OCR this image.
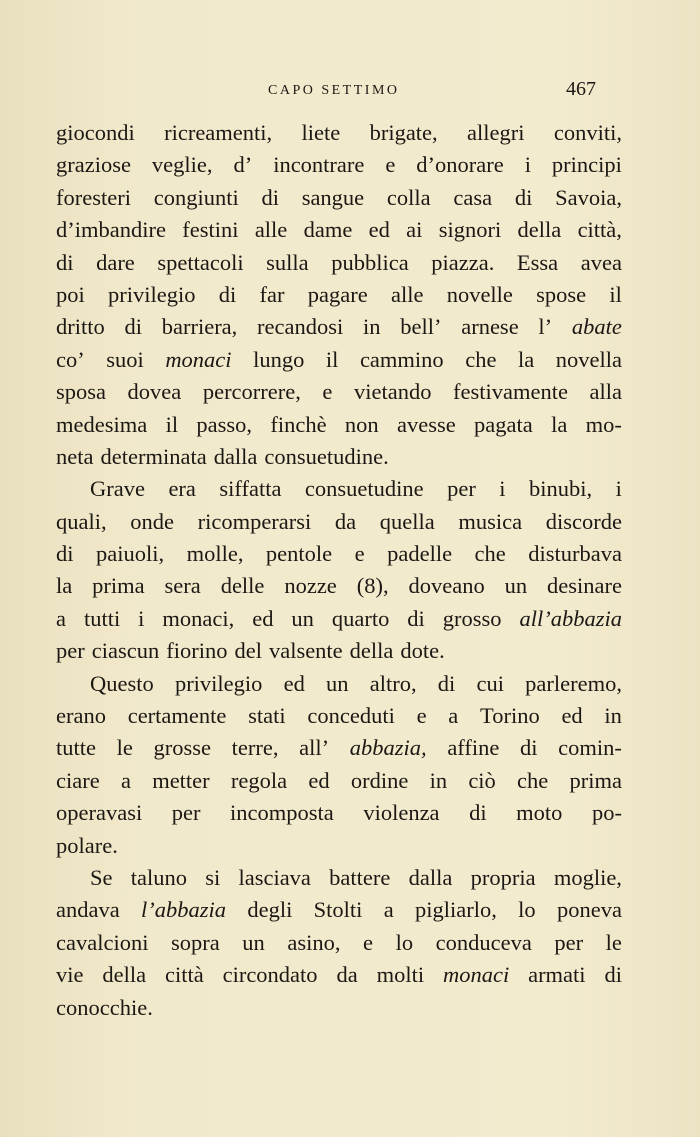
CAPO SETTIMO	467
giocondi ricreamenti, liete brigate, allegri conviti,
graziose veglie, d’ incontrare e d’onorare i principi
foresteri congiunti di sangue colla casa di Savoia,
d’imbandire festini alle dame ed ai signori della città,
di dare spettacoli sulla pubblica piazza. Essa avea
poi privilegio di far pagare alle novelle spose il
dritto di barriera, recandosi in bell’ arnese l’ abate
co’ suoi monaci lungo il cammino che la novella
sposa dovea percorrere, e vietando festivamente alla
medesima il passo, finchè non avesse pagata la mo-
neta determinata dalla consuetudine.
Grave era siffatta consuetudine per i binubi, i
quali, onde ricomperarsi da quella musica discorde
di paiuoli, molle, pentole e padelle che disturbava
la prima sera delle nozze (8), doveano un desinare
a tutti i monaci, ed un quarto di grosso all’abbazia
per ciascun fiorino del valsente della dote.
Questo privilegio ed un altro, di cui parleremo,
erano certamente stati conceduti e a Torino ed in
tutte le grosse terre, all’ abbazia, affine di comin-
ciare a metter regola ed ordine in ciò che prima
operavasi per incomposta violenza di moto po-
polare.
Se taluno si lasciava battere dalla propria moglie,
andava l’abbazia degli Stolti a pigliarlo, lo poneva
cavalcioni sopra un asino, e lo conduceva per le
vie della città circondato da molti monaci armati di
conocchie.
